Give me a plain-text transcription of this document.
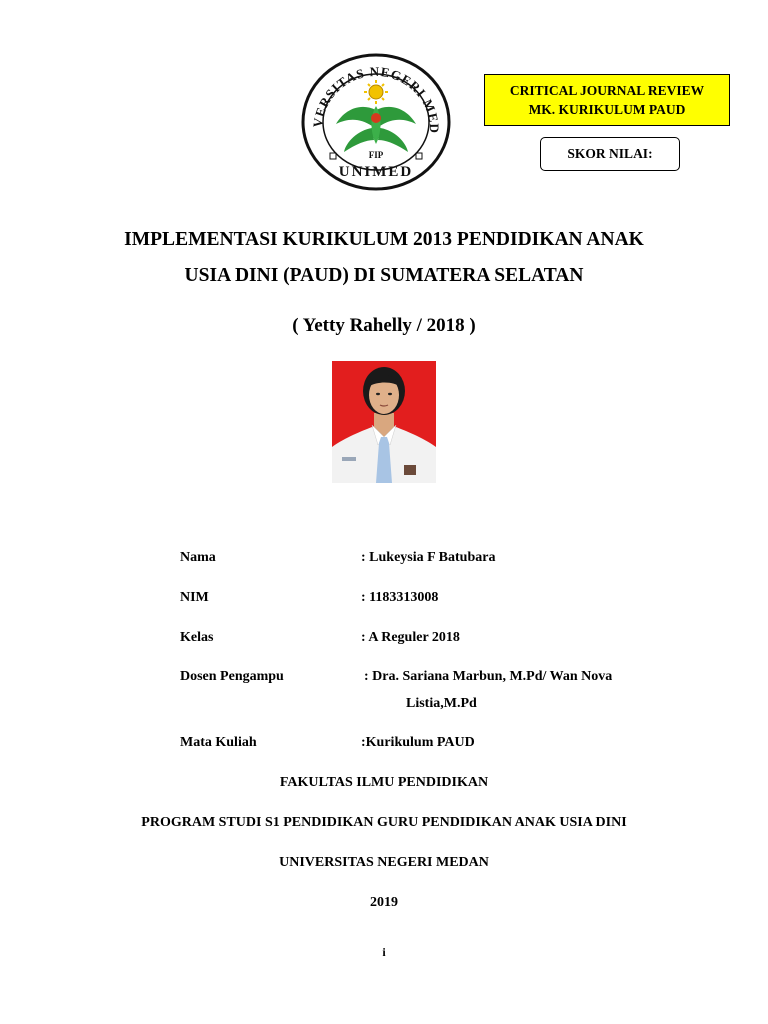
VERSITAS NEGERI MED
FIP
UNIMED
CRITICAL JOURNAL REVIEW
MK. KURIKULUM PAUD
SKOR NILAI:
IMPLEMENTASI KURIKULUM 2013 PENDIDIKAN ANAK
USIA DINI (PAUD) DI SUMATERA SELATAN
( Yetty Rahelly / 2018 )
Nama	: Lukeysia F Batubara
NIM	: 1183313008
Kelas	: A Reguler 2018
Dosen Pengampu	: Dra. Sariana Marbun, M.Pd/ Wan Nova
Listia,M.Pd
Mata Kuliah	:Kurikulum PAUD
FAKULTAS ILMU PENDIDIKAN
PROGRAM STUDI S1 PENDIDIKAN GURU PENDIDIKAN ANAK USIA DINI
UNIVERSITAS NEGERI MEDAN
2019
i
